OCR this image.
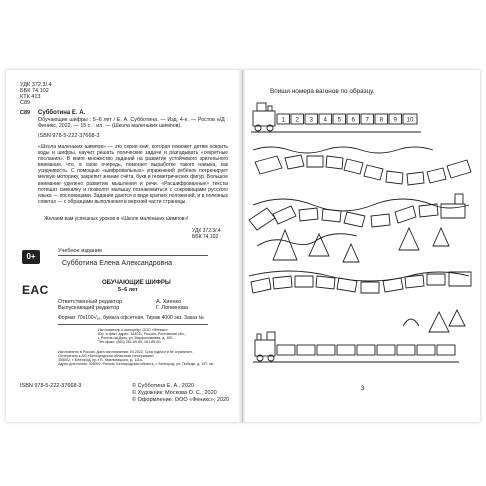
УДК 372.3/.4
ББК 74.102
КТК 413
С89
С89 Субботина Е. А.
Обучающие шифры : 5–6 лет / Е. А. Субботина. — Изд. 4-е. — Ростов н/Д : Феникс, 2022. — 15 с. : ил. — (Школа маленьких шимпов).
ISBN 978-5-222-37668-3
«Школа маленьких шимпов» — это серия книг, которая поможет детям освоить коды и шифры, научит решать логические задачи и разгадывать «секретные послания». В книге множество заданий на развитие устойчивого зрительного внимания, что, в свою очередь, помогает выработке такого навыка, как усидчивость. С помощью «шифровальных» упражнений ребёнок потренирует мелкую моторику, закрепит знание счёта, букв и геометрических фигур. Большое внимание уделено развитию мышления и речи. «Расшифрованные» тексты потешат смекалку и позволят малышу познакомиться с сокровищами русского языка — пословицами. Задания даются в виде кратких положений, и в полезных советах — с образцами выполнения в верхней части страницы.
Желаем вам успешных уроков в «Школе маленьких шимпов»!
УДК 372.3/.4
ББК 74.102
0+
Учебное издание
Субботина Елена Александровна
EAC	ОБУЧАЮЩИЕ ШИФРЫ
5–6 лет
Ответственный редактор	А. Хиенко
Выпускающий редактор	Г. Логвинова
Формат 70х100¹/₁₆, бумага офсетная. Тираж 4000 экз. Заказ №
Изготовитель и импортёр: ООО «Феникс».
Юр. и факт. адрес: 344011, Россия, Ростовская обл.,
г. Ростов-на-Дону, ул. Варфоломеева, д. 150.
Тел./факс: (863) 261-89-65, 261-89-50.
Изготовлено в России. Дата изготовления: 04.2022. Срок годности не ограничен.
Отпечатано в АО «Белгородская областная типография»
308002, г. Белгород, пр-т Б. Хмельницкого, д. 111а.
Адрес для писем: 308002, Россия, Белгородская область, г. Белгород, ул. Победы, д. 197, кв.
ISBN 978-5-222-37668-3	© Субботина Е. А., 2020
© Художник: Москова О. С., 2020
© Оформление: ООО «Феникс», 2020
Впиши номера вагонов по образцу.
1 2 3 4 5 6 7 8 9 10
3
